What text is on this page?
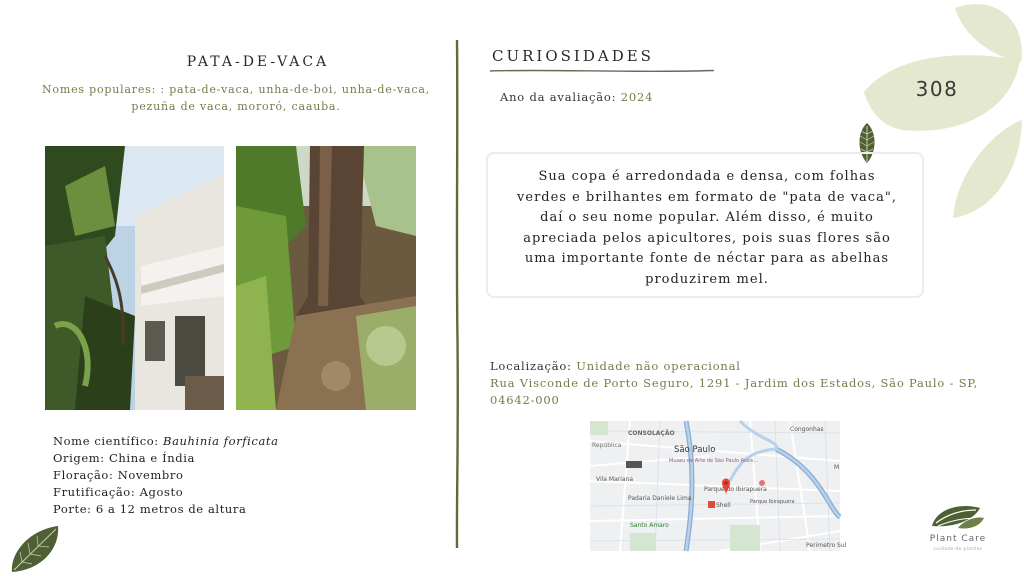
308
PATA-DE-VACA
Nomes populares: : pata-de-vaca, unha-de-boi, unha-de-vaca, pezuña de vaca, mororó, caauba.
Nome científico: Bauhinia forficata
Origem: China e Índia
Floração: Novembro
Frutificação: Agosto
Porte: 6 a 12 metros de altura
CURIOSIDADES
Ano da avaliação: 2024
Sua copa é arredondada e densa, com folhas verdes e brilhantes em formato de "pata de vaca", daí o seu nome popular. Além disso, é muito apreciada pelos apicultores, pois suas flores são uma importante fonte de néctar para as abelhas produzirem mel.
Localização: Unidade não operacional
Rua Visconde de Porto Seguro, 1291 - Jardim dos Estados, São Paulo - SP, 04642-000
CONSOLAÇÃO
São Paulo
República
Museu de Arte de São Paulo Assis...
Parque do Ibirapuera
Shell
Padaria Daniele Lima	Parque Ibirapuera
Santo Amaro
Vila Mariana
Perimetro Sul
Congonhas
M
Plant Care
cuidado de plantas
